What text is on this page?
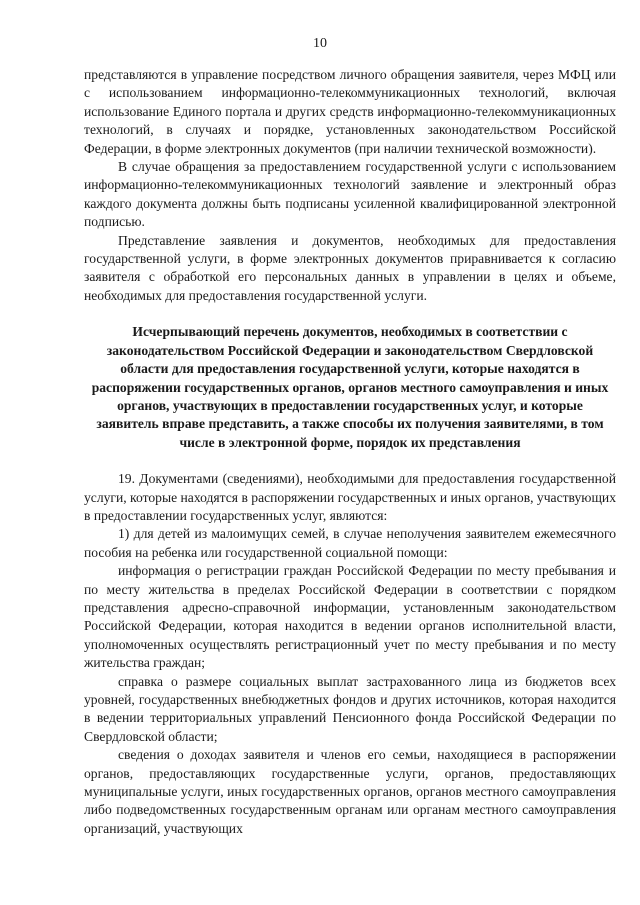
10

представляются в управление посредством личного обращения заявителя, через МФЦ или с использованием информационно-телекоммуникационных технологий, включая использование Единого портала и других средств информационно-телекоммуникационных технологий, в случаях и порядке, установленных законодательством Российской Федерации, в форме электронных документов (при наличии технической возможности).

В случае обращения за предоставлением государственной услуги с использованием информационно-телекоммуникационных технологий заявление и электронный образ каждого документа должны быть подписаны усиленной квалифицированной электронной подписью.

Представление заявления и документов, необходимых для предоставления государственной услуги, в форме электронных документов приравнивается к согласию заявителя с обработкой его персональных данных в управлении в целях и объеме, необходимых для предоставления государственной услуги.

Исчерпывающий перечень документов, необходимых в соответствии с законодательством Российской Федерации и законодательством Свердловской области для предоставления государственной услуги, которые находятся в распоряжении государственных органов, органов местного самоуправления и иных органов, участвующих в предоставлении государственных услуг, и которые заявитель вправе представить, а также способы их получения заявителями, в том числе в электронной форме, порядок их представления

19. Документами (сведениями), необходимыми для предоставления государственной услуги, которые находятся в распоряжении государственных и иных органов, участвующих в предоставлении государственных услуг, являются:

1) для детей из малоимущих семей, в случае неполучения заявителем ежемесячного пособия на ребенка или государственной социальной помощи:

информация о регистрации граждан Российской Федерации по месту пребывания и по месту жительства в пределах Российской Федерации в соответствии с порядком представления адресно-справочной информации, установленным законодательством Российской Федерации, которая находится в ведении органов исполнительной власти, уполномоченных осуществлять регистрационный учет по месту пребывания и по месту жительства граждан;

справка о размере социальных выплат застрахованного лица из бюджетов всех уровней, государственных внебюджетных фондов и других источников, которая находится в ведении территориальных управлений Пенсионного фонда Российской Федерации по Свердловской области;

сведения о доходах заявителя и членов его семьи, находящиеся в распоряжении органов, предоставляющих государственные услуги, органов, предоставляющих муниципальные услуги, иных государственных органов, органов местного самоуправления либо подведомственных государственным органам или органам местного самоуправления организаций, участвующих
